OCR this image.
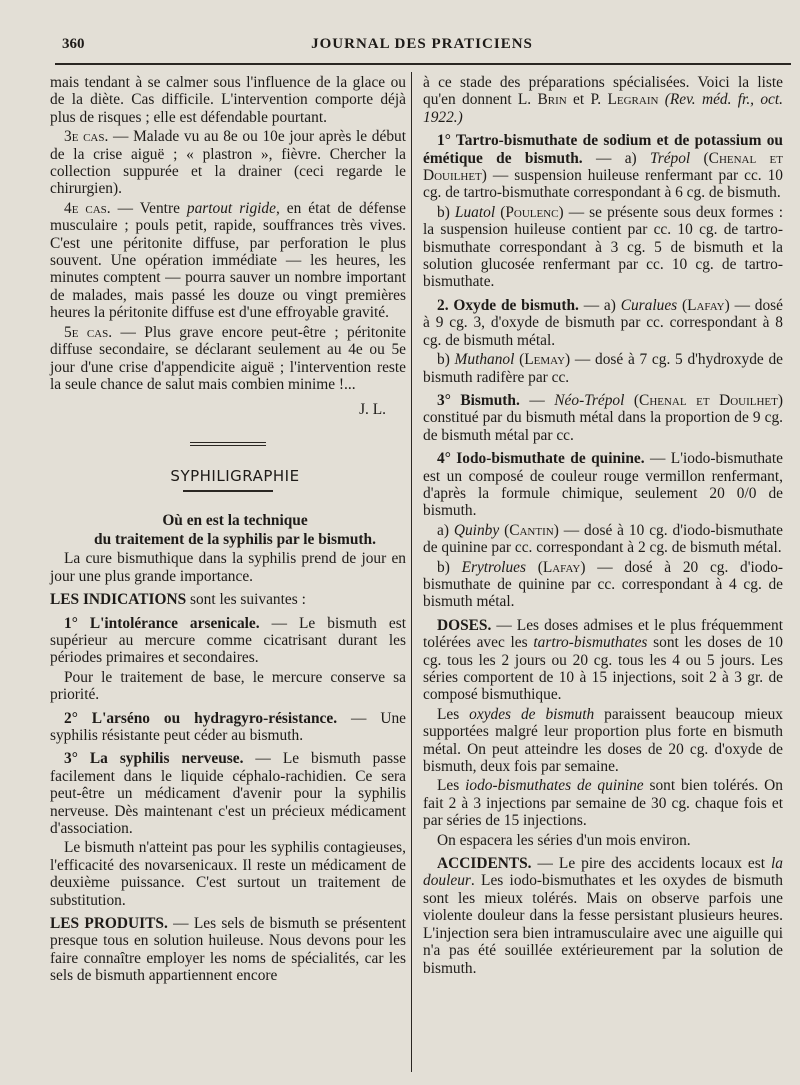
360	JOURNAL DES PRATICIENS

mais tendant à se calmer sous l'influence de la glace ou de la diète. Cas difficile. L'intervention comporte déjà plus de risques ; elle est défendable pourtant.

3e cas. — Malade vu au 8e ou 10e jour après le début de la crise aiguë ; « plastron », fièvre. Chercher la collection suppurée et la drainer (ceci regarde le chirurgien).

4e cas. — Ventre partout rigide, en état de défense musculaire ; pouls petit, rapide, souffrances très vives. C'est une péritonite diffuse, par perforation le plus souvent. Une opération immédiate — les heures, les minutes comptent — pourra sauver un nombre important de malades, mais passé les douze ou vingt premières heures la péritonite diffuse est d'une effroyable gravité.

5e cas. — Plus grave encore peut-être ; péritonite diffuse secondaire, se déclarant seulement au 4e ou 5e jour d'une crise d'appendicite aiguë ; l'intervention reste la seule chance de salut mais combien minime !...

J. L.

SYPHILIGRAPHIE

Où en est la technique

du traitement de la syphilis par le bismuth.

La cure bismuthique dans la syphilis prend de jour en jour une plus grande importance.

LES INDICATIONS sont les suivantes :

1° L'intolérance arsenicale. — Le bismuth est supérieur au mercure comme cicatrisant durant les périodes primaires et secondaires.

Pour le traitement de base, le mercure conserve sa priorité.

2° L'arséno ou hydragyro-résistance. — Une syphilis résistante peut céder au bismuth.

3° La syphilis nerveuse. — Le bismuth passe facilement dans le liquide céphalo-rachidien. Ce sera peut-être un médicament d'avenir pour la syphilis nerveuse. Dès maintenant c'est un précieux médicament d'association.

Le bismuth n'atteint pas pour les syphilis contagieuses, l'efficacité des novarsenicaux. Il reste un médicament de deuxième puissance. C'est surtout un traitement de substitution.

LES PRODUITS. — Les sels de bismuth se présentent presque tous en solution huileuse. Nous devons pour les faire connaître employer les noms de spécialités, car les sels de bismuth appartiennent encore

à ce stade des préparations spécialisées. Voici la liste qu'en donnent L. Brin et P. Legrain (Rev. méd. fr., oct. 1922.)

1° Tartro-bismuthate de sodium et de potassium ou émétique de bismuth. — a) Trépol (Chenal et Douilhet) — suspension huileuse renfermant par cc. 10 cg. de tartro-bismuthate correspondant à 6 cg. de bismuth.

b) Luatol (Poulenc) — se présente sous deux formes : la suspension huileuse contient par cc. 10 cg. de tartro-bismuthate correspondant à 3 cg. 5 de bismuth et la solution glucosée renfermant par cc. 10 cg. de tartro-bismuthate.

2. Oxyde de bismuth. — a) Curalues (Lafay) — dosé à 9 cg. 3, d'oxyde de bismuth par cc. correspondant à 8 cg. de bismuth métal.

b) Muthanol (Lemay) — dosé à 7 cg. 5 d'hydroxyde de bismuth radifère par cc.

3° Bismuth. — Néo-Trépol (Chenal et Douilhet) constitué par du bismuth métal dans la proportion de 9 cg. de bismuth métal par cc.

4° Iodo-bismuthate de quinine. — L'iodo-bismuthate est un composé de couleur rouge vermillon renfermant, d'après la formule chimique, seulement 20 0/0 de bismuth.

a) Quinby (Cantin) — dosé à 10 cg. d'iodo-bismuthate de quinine par cc. correspondant à 2 cg. de bismuth métal.

b) Erytrolues (Lafay) — dosé à 20 cg. d'iodo-bismuthate de quinine par cc. correspondant à 4 cg. de bismuth métal.

DOSES. — Les doses admises et le plus fréquemment tolérées avec les tartro-bismuthates sont les doses de 10 cg. tous les 2 jours ou 20 cg. tous les 4 ou 5 jours. Les séries comportent de 10 à 15 injections, soit 2 à 3 gr. de composé bismuthique.

Les oxydes de bismuth paraissent beaucoup mieux supportées malgré leur proportion plus forte en bismuth métal. On peut atteindre les doses de 20 cg. d'oxyde de bismuth, deux fois par semaine.

Les iodo-bismuthates de quinine sont bien tolérés. On fait 2 à 3 injections par semaine de 30 cg. chaque fois et par séries de 15 injections.

On espacera les séries d'un mois environ.

ACCIDENTS. — Le pire des accidents locaux est la douleur. Les iodo-bismuthates et les oxydes de bismuth sont les mieux tolérés. Mais on observe parfois une violente douleur dans la fesse persistant plusieurs heures. L'injection sera bien intramusculaire avec une aiguille qui n'a pas été souillée extérieurement par la solution de bismuth.
